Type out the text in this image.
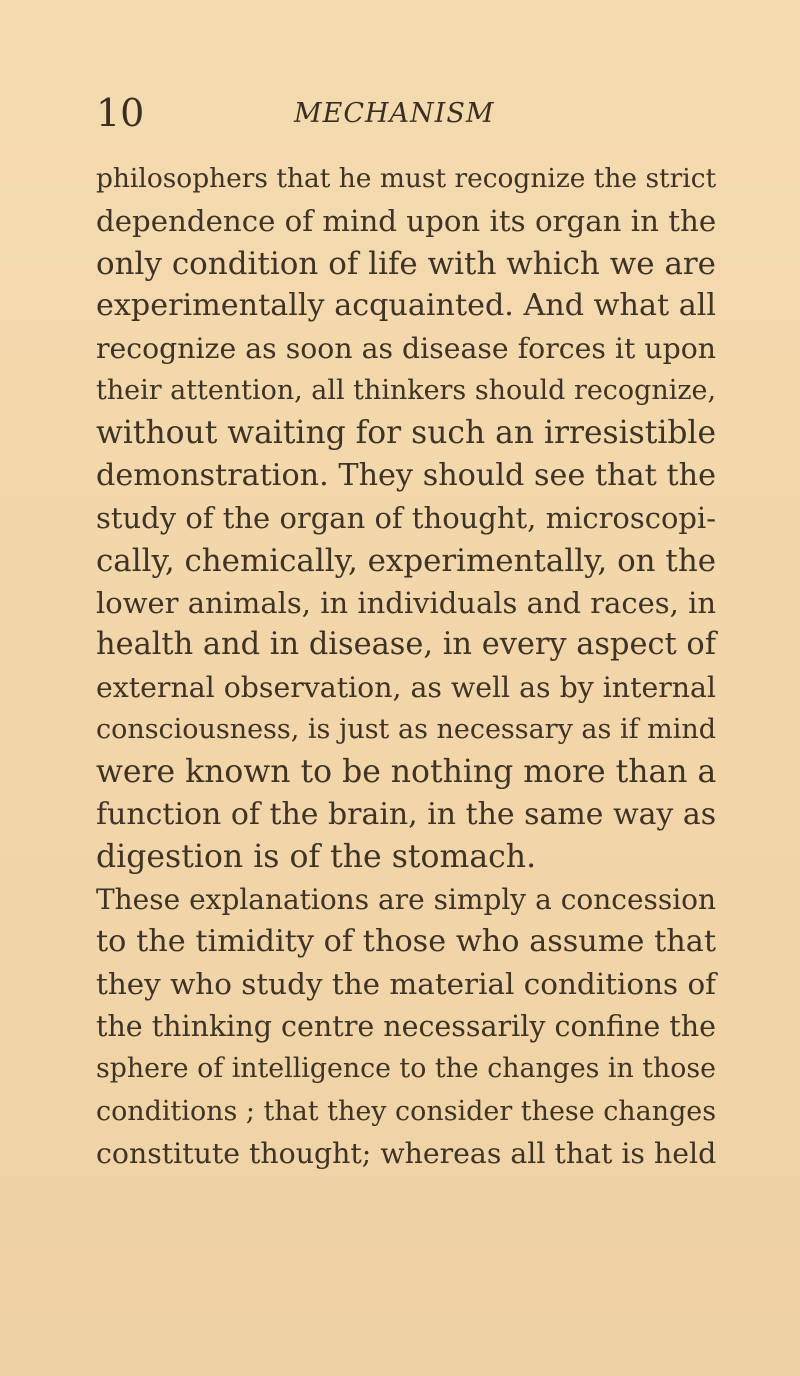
10	MECHANISM
philosophers that he must recognize the strict
dependence of mind upon its organ in the
only condition of life with which we are
experimentally acquainted. And what all
recognize as soon as disease forces it upon
their attention, all thinkers should recognize,
without waiting for such an irresistible
demonstration. They should see that the
study of the organ of thought, microscopi-
cally, chemically, experimentally, on the
lower animals, in individuals and races, in
health and in disease, in every aspect of
external observation, as well as by internal
consciousness, is just as necessary as if mind
were known to be nothing more than a
function of the brain, in the same way as
digestion is of the stomach.
These explanations are simply a concession
to the timidity of those who assume that
they who study the material conditions of
the thinking centre necessarily confine the
sphere of intelligence to the changes in those
conditions ; that they consider these changes
constitute thought; whereas all that is held
